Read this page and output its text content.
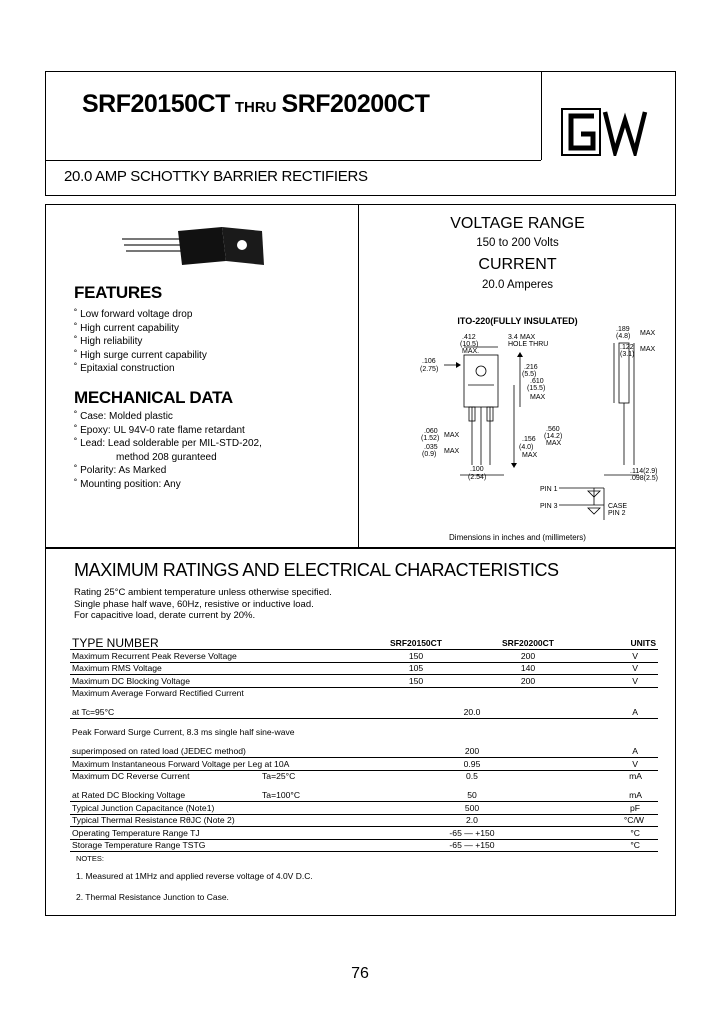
SRF20150CT THRU SRF20200CT
20.0 AMP SCHOTTKY BARRIER RECTIFIERS
FEATURES
˚ Low forward voltage drop
˚ High current capability
˚ High reliability
˚ High surge current capability
˚ Epitaxial construction
MECHANICAL DATA
˚ Case: Molded plastic
˚ Epoxy: UL 94V-0 rate flame retardant
˚ Lead: Lead solderable per MIL-STD-202,
method 208 guranteed
˚ Polarity: As Marked
˚ Mounting position: Any
VOLTAGE RANGE
150 to 200 Volts
CURRENT
20.0 Amperes
ITO-220(FULLY INSULATED)
.412
(10.5)
MAX.
3.4 MAX
HOLE THRU
.189
(4.8) MAX
.122
(3.1)
MAX
.106
(2.75)	.216
(5.5)
.610
(15.5)
MAX
.060
(1.52) MAX
.035
(0.9) MAX
.156
(4.0)
MAX
.560
(14.2)
MAX
.100
(2.54)
.114(2.9)
.098(2.5)
PIN 1
PIN 3	CASE
PIN 2
Dimensions in inches and (millimeters)
MAXIMUM RATINGS AND ELECTRICAL CHARACTERISTICS
Rating 25°C ambient temperature unless otherwise specified.
Single phase half wave, 60Hz, resistive or inductive load.
For capacitive load, derate current by 20%.
TYPE NUMBER		SRF20150CT	SRF20200CT	UNITS
Maximum Recurrent Peak Reverse Voltage		150	200	V
Maximum RMS Voltage		105	140	V
Maximum DC Blocking Voltage		150	200	V
Maximum Average Forward Rectified Current				
at Tc=95°C		20.0		A
Peak Forward Surge Current, 8.3 ms single half sine-wave				
superimposed on rated load (JEDEC method)		200		A
Maximum Instantaneous Forward Voltage per Leg at 10A		0.95		V
Maximum DC Reverse Current	Ta=25°C	0.5		mA
at Rated DC Blocking Voltage	Ta=100°C	50		mA
Typical Junction Capacitance (Note1)		500		pF
Typical Thermal Resistance RθJC (Note 2)		2.0		°C/W
Operating Temperature Range TJ		-65 — +150		°C
Storage Temperature Range TSTG		-65 — +150		°C
NOTES:
1. Measured at 1MHz and applied reverse voltage of 4.0V D.C.
2. Thermal Resistance Junction to Case.
76
